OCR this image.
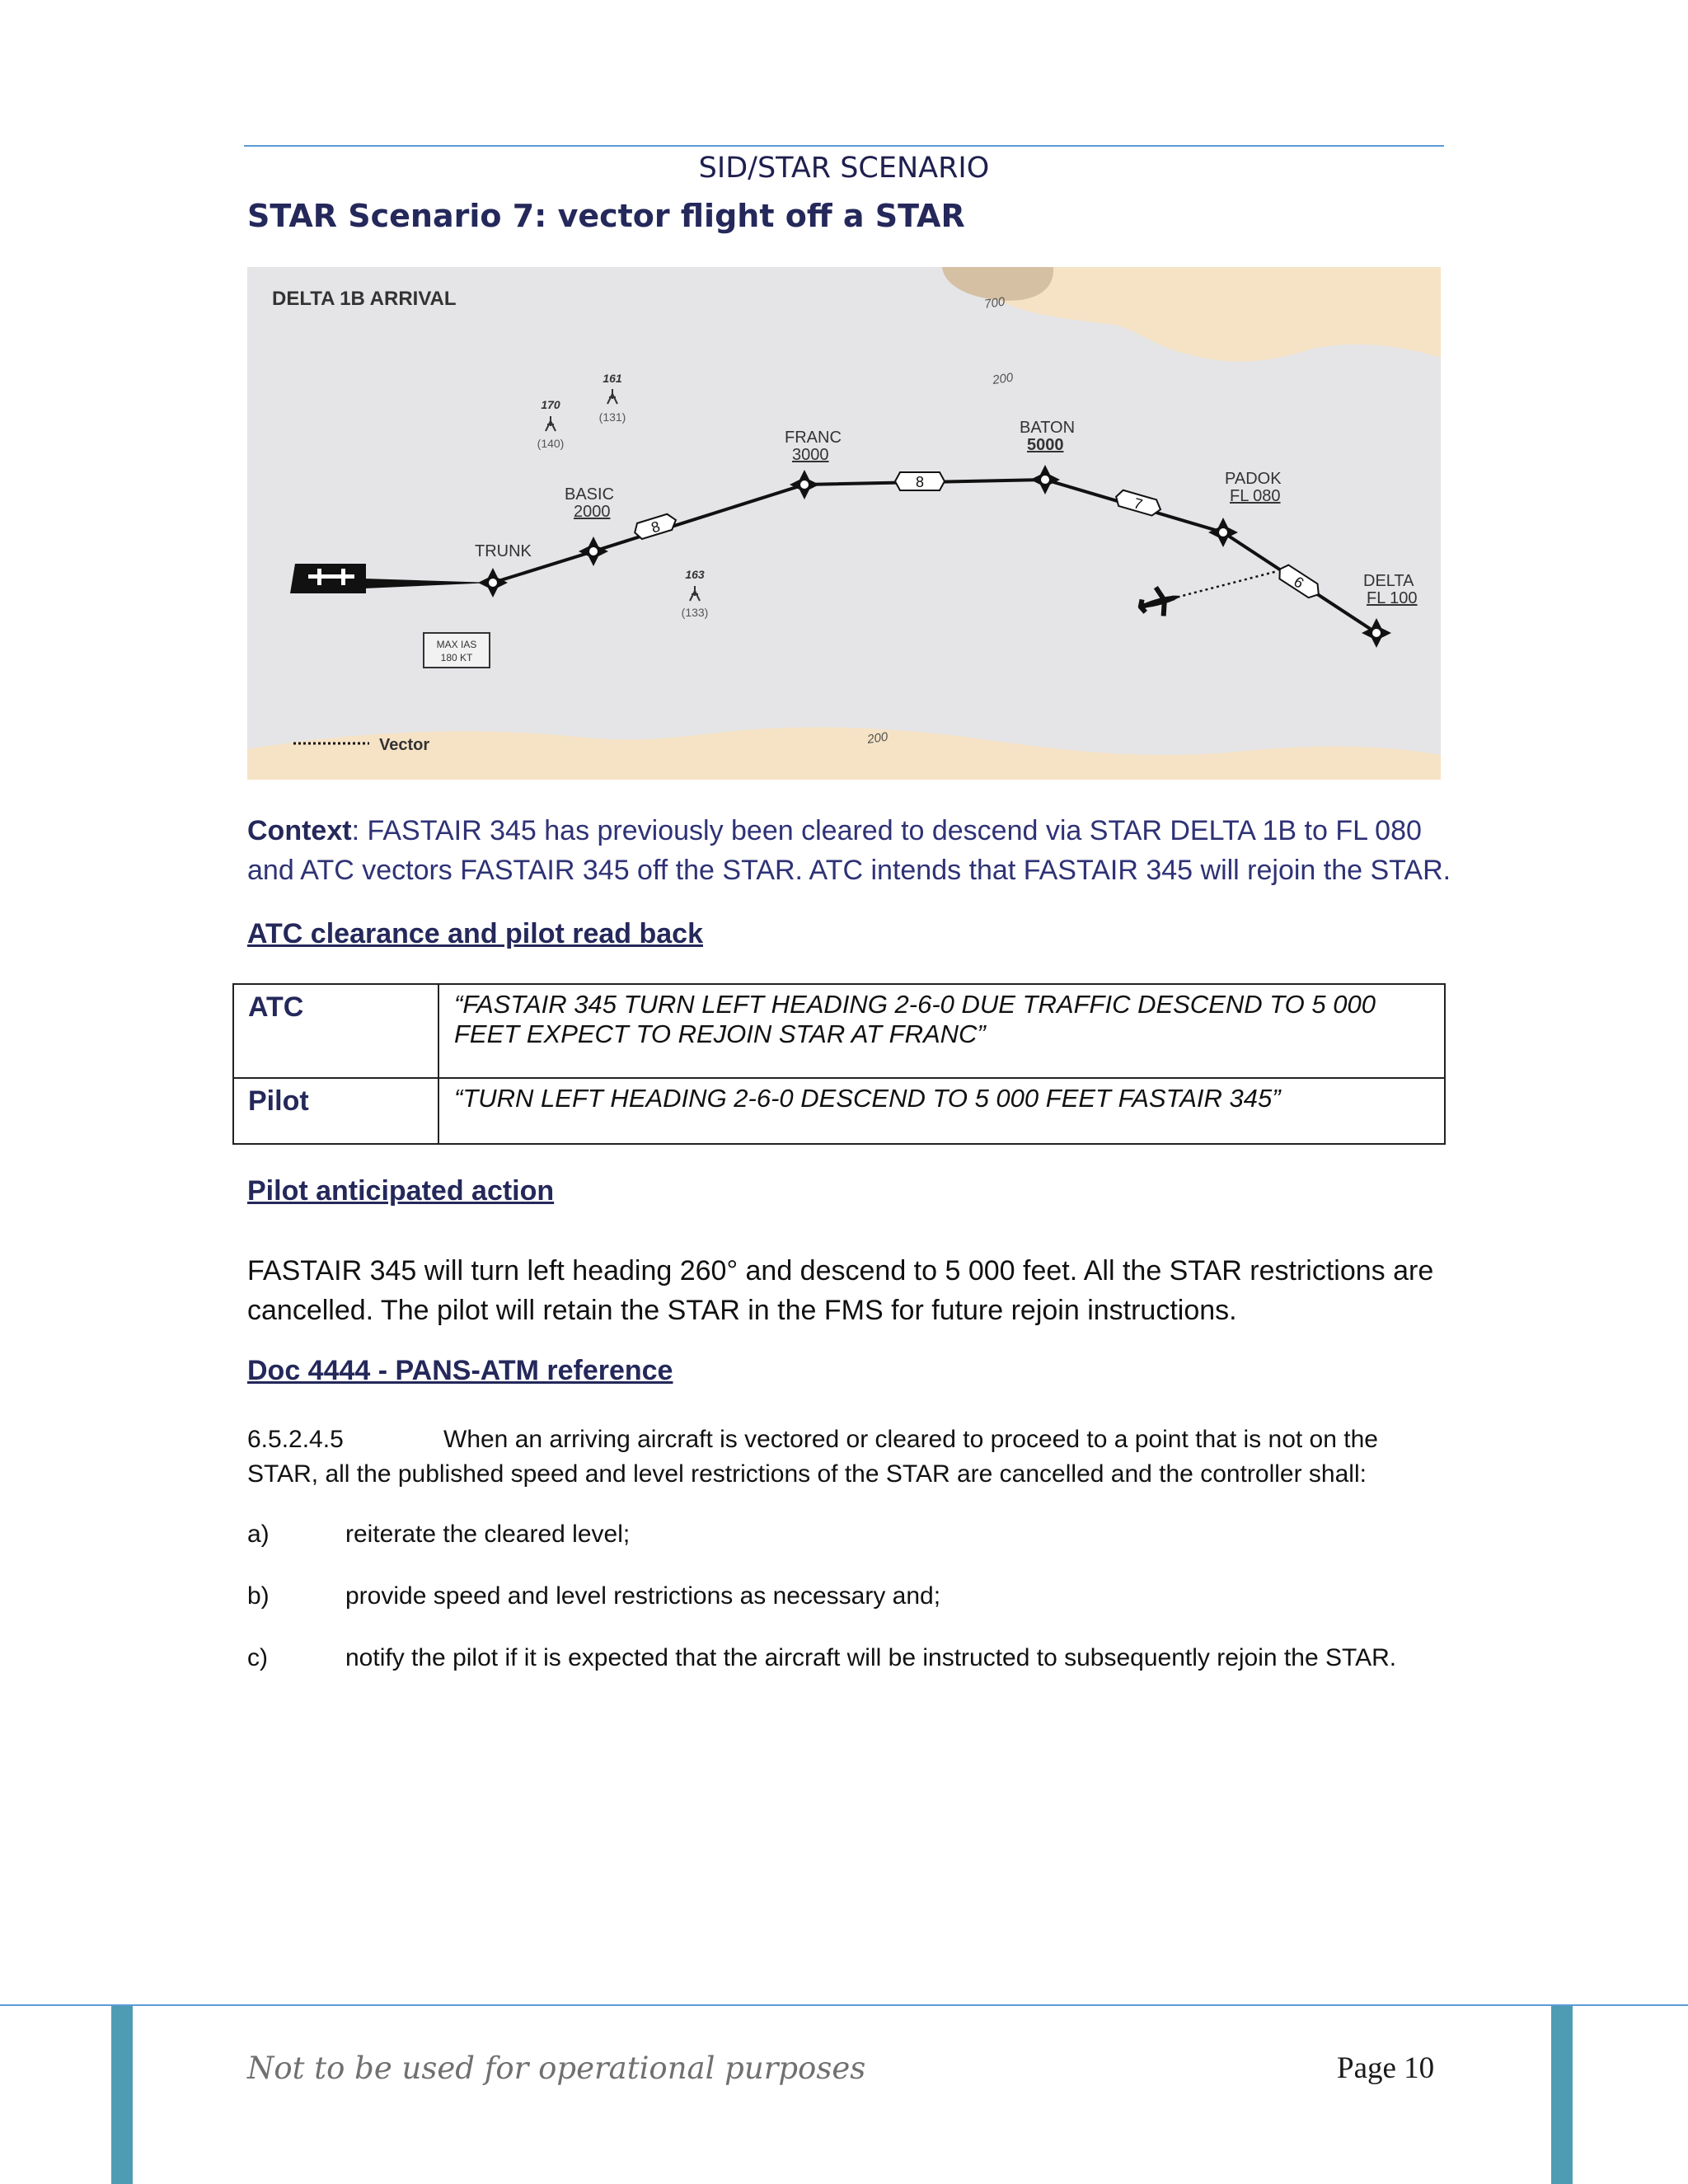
SID/STAR SCENARIO
STAR Scenario 7: vector flight off a STAR
DELTA 1B ARRIVAL	700
200
200
161
(131)
170
(140)
163
(133)
8
8
7
6
TRUNK
BASIC
2000
FRANC
3000
BATON
5000
PADOK
FL 080
DELTA
FL 100
MAX IAS
180 KT
Vector
Context: FASTAIR 345 has previously been cleared to descend via STAR DELTA 1B to FL 080 and ATC vectors FASTAIR 345 off the STAR. ATC intends that FASTAIR 345 will rejoin the STAR.
ATC clearance and pilot read back
ATC	“FASTAIR 345 TURN LEFT HEADING 2-6-0 DUE TRAFFIC DESCEND TO 5 000 FEET EXPECT TO REJOIN STAR AT FRANC”
Pilot	“TURN LEFT HEADING 2-6-0 DESCEND TO 5 000 FEET FASTAIR 345”
Pilot anticipated action
FASTAIR 345 will turn left heading 260° and descend to 5 000 feet. All the STAR restrictions are cancelled. The pilot will retain the STAR in the FMS for future rejoin instructions.
Doc 4444 - PANS-ATM reference
6.5.2.4.5	When an arriving aircraft is vectored or cleared to proceed to a point that is not on the STAR, all the published speed and level restrictions of the STAR are cancelled and the controller shall:
a)	reiterate the cleared level;
b)	provide speed and level restrictions as necessary and;
c)	notify the pilot if it is expected that the aircraft will be instructed to subsequently rejoin the STAR.
Not to be used for operational purposes	Page 10
